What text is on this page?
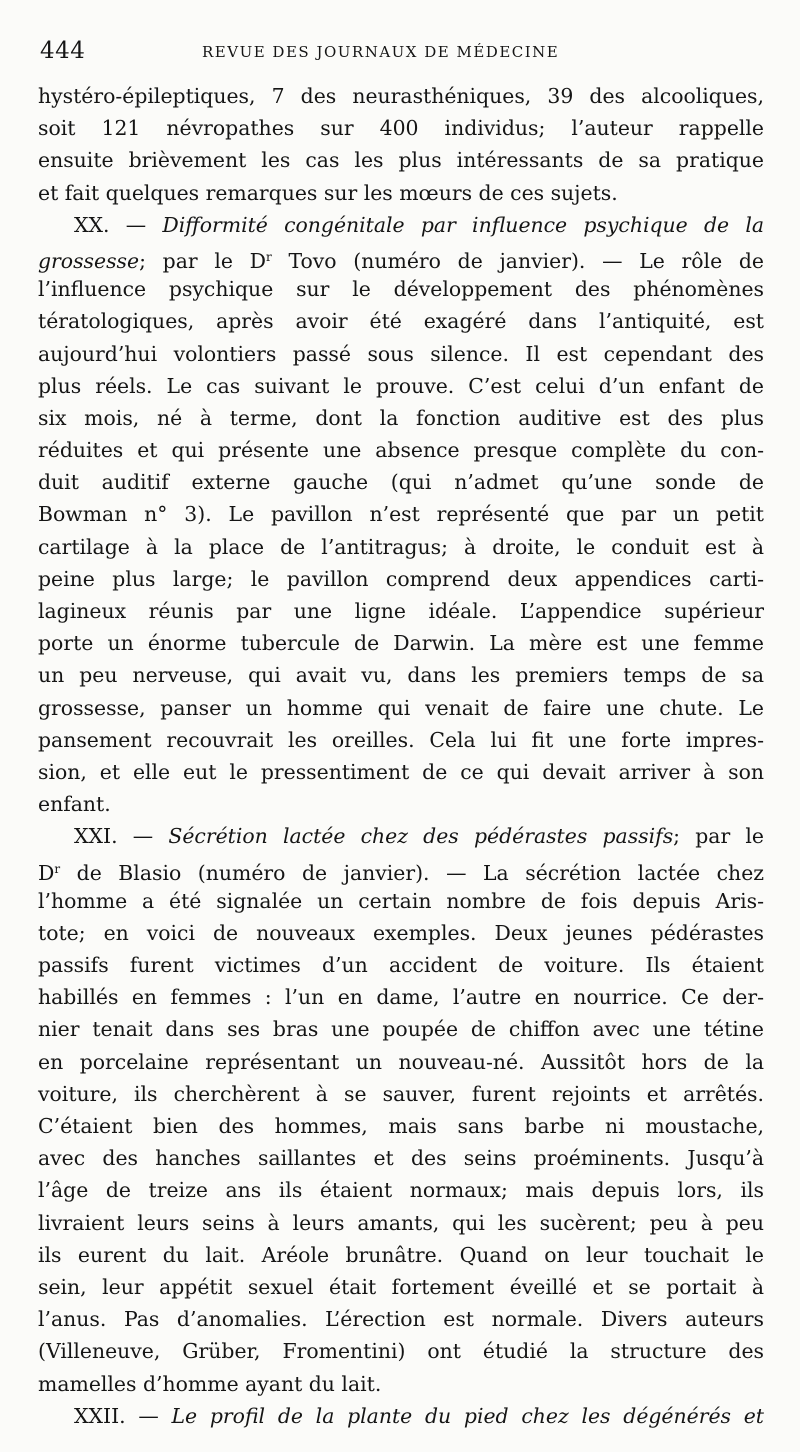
444	REVUE DES JOURNAUX DE MÉDECINE
hystéro-épileptiques, 7 des neurasthéniques, 39 des alcooliques,
soit 121 névropathes sur 400 individus; l’auteur rappelle
ensuite brièvement les cas les plus intéressants de sa pratique
et fait quelques remarques sur les mœurs de ces sujets.
XX. — Difformité congénitale par influence psychique de la
grossesse; par le $D^r$ Tovo (numéro de janvier). — Le rôle de
l’influence psychique sur le développement des phénomènes
tératologiques, après avoir été exagéré dans l’antiquité, est
aujourd’hui volontiers passé sous silence. Il est cependant des
plus réels. Le cas suivant le prouve. C’est celui d’un enfant de
six mois, né à terme, dont la fonction auditive est des plus
réduites et qui présente une absence presque complète du con-
duit auditif externe gauche (qui n’admet qu’une sonde de
Bowman n° 3). Le pavillon n’est représenté que par un petit
cartilage à la place de l’antitragus; à droite, le conduit est à
peine plus large; le pavillon comprend deux appendices carti-
lagineux réunis par une ligne idéale. L’appendice supérieur
porte un énorme tubercule de Darwin. La mère est une femme
un peu nerveuse, qui avait vu, dans les premiers temps de sa
grossesse, panser un homme qui venait de faire une chute. Le
pansement recouvrait les oreilles. Cela lui fit une forte impres-
sion, et elle eut le pressentiment de ce qui devait arriver à son
enfant.
XXI. — Sécrétion lactée chez des pédérastes passifs; par le
$D^r$ de Blasio (numéro de janvier). — La sécrétion lactée chez
l’homme a été signalée un certain nombre de fois depuis Aris-
tote; en voici de nouveaux exemples. Deux jeunes pédérastes
passifs furent victimes d’un accident de voiture. Ils étaient
habillés en femmes : l’un en dame, l’autre en nourrice. Ce der-
nier tenait dans ses bras une poupée de chiffon avec une tétine
en porcelaine représentant un nouveau-né. Aussitôt hors de la
voiture, ils cherchèrent à se sauver, furent rejoints et arrêtés.
C’étaient bien des hommes, mais sans barbe ni moustache,
avec des hanches saillantes et des seins proéminents. Jusqu’à
l’âge de treize ans ils étaient normaux; mais depuis lors, ils
livraient leurs seins à leurs amants, qui les sucèrent; peu à peu
ils eurent du lait. Aréole brunâtre. Quand on leur touchait le
sein, leur appétit sexuel était fortement éveillé et se portait à
l’anus. Pas d’anomalies. L’érection est normale. Divers auteurs
(Villeneuve, Grüber, Fromentini) ont étudié la structure des
mamelles d’homme ayant du lait.
XXII. — Le profil de la plante du pied chez les dégénérés et
